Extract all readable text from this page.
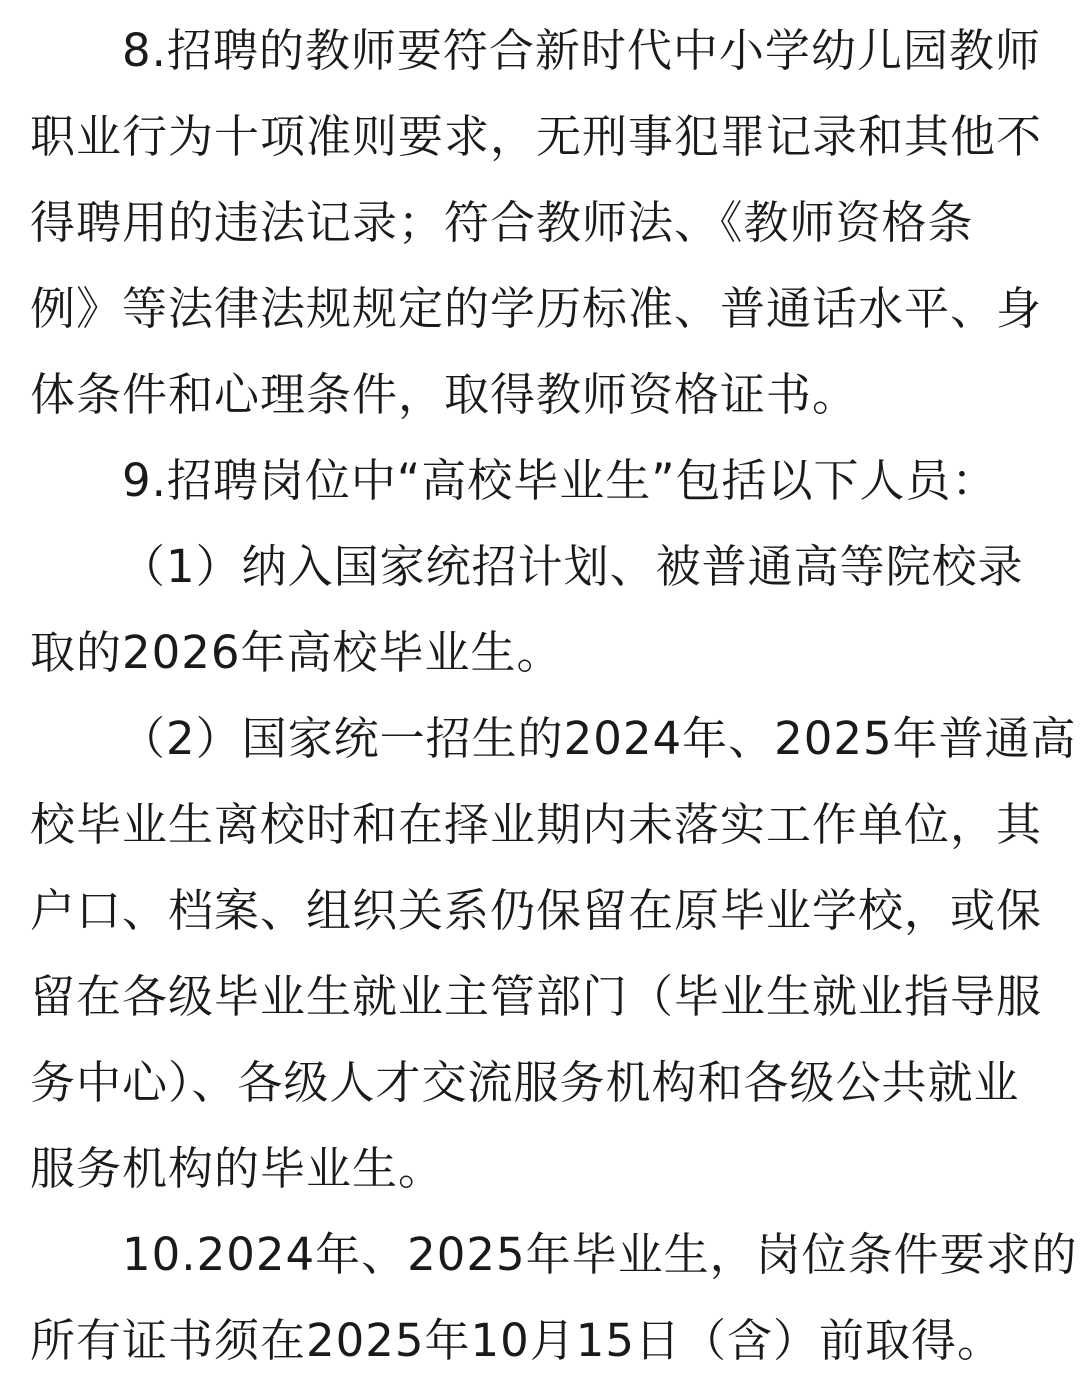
8.招聘的教师要符合新时代中小学幼儿园教师
职业行为十项准则要求，无刑事犯罪记录和其他不
得聘用的违法记录；符合教师法、《教师资格条
例》等法律法规规定的学历标准、普通话水平、身
体条件和心理条件，取得教师资格证书。
9.招聘岗位中“高校毕业生”包括以下人员：
（1）纳入国家统招计划、被普通高等院校录
取的2026年高校毕业生。
（2）国家统一招生的2024年、2025年普通高
校毕业生离校时和在择业期内未落实工作单位，其
户口、档案、组织关系仍保留在原毕业学校，或保
留在各级毕业生就业主管部门（毕业生就业指导服
务中心）、各级人才交流服务机构和各级公共就业
服务机构的毕业生。
10.2024年、2025年毕业生，岗位条件要求的
所有证书须在2025年10月15日（含）前取得。
